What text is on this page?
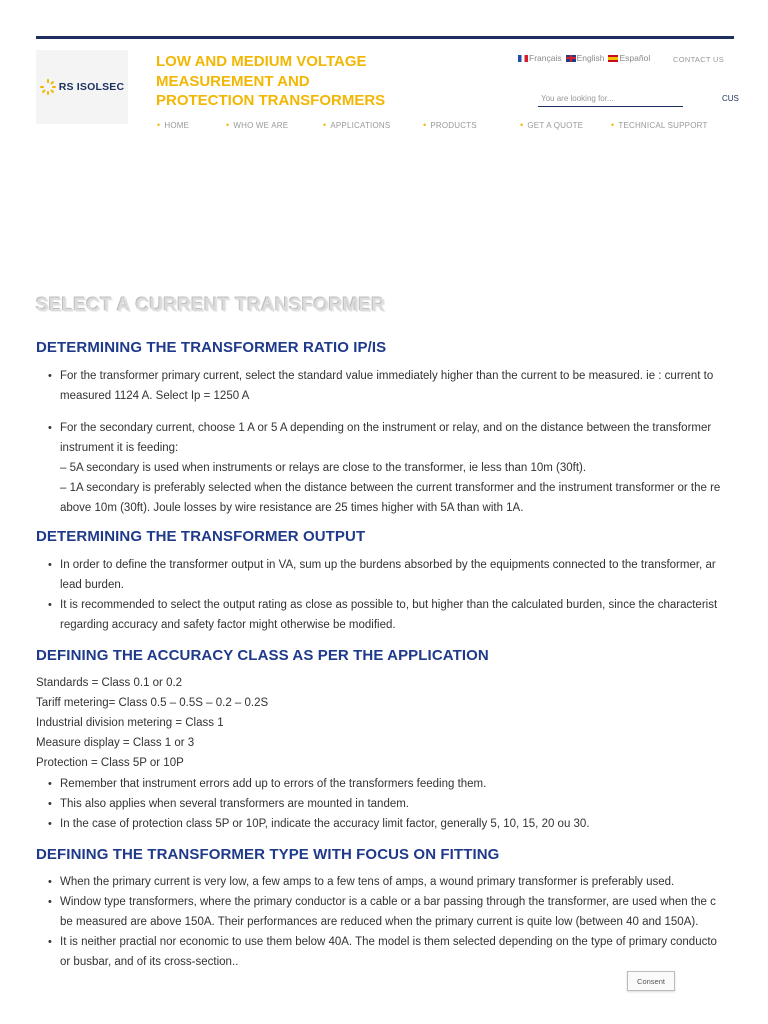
RS ISOLSEC
LOW AND MEDIUM VOLTAGE
MEASUREMENT AND
PROTECTION TRANSFORMERS
Français English Español	CONTACT US
You are looking for...
CUS
• HOME	• WHO WE ARE	• APPLICATIONS	• PRODUCTS	• GET A QUOTE	• TECHNICAL SUPPORT
SELECT A CURRENT TRANSFORMER
DETERMINING THE TRANSFORMER RATIO IP/IS
• For the transformer primary current, select the standard value immediately higher than the current to be measured. ie : current to
measured 1124 A. Select Ip = 1250 A
• For the secondary current, choose 1 A or 5 A depending on the instrument or relay, and on the distance between the transformer
instrument it is feeding:
– 5A secondary is used when instruments or relays are close to the transformer, ie less than 10m (30ft).
– 1A secondary is preferably selected when the distance between the current transformer and the instrument transformer or the re
above 10m (30ft). Joule losses by wire resistance are 25 times higher with 5A than with 1A.
DETERMINING THE TRANSFORMER OUTPUT
• In order to define the transformer output in VA, sum up the burdens absorbed by the equipments connected to the transformer, ar
lead burden.
• It is recommended to select the output rating as close as possible to, but higher than the calculated burden, since the characterist
regarding accuracy and safety factor might otherwise be modified.
DEFINING THE ACCURACY CLASS AS PER THE APPLICATION
Standards = Class 0.1 or 0.2
Tariff metering= Class 0.5 – 0.5S – 0.2 – 0.2S
Industrial division metering = Class 1
Measure display = Class 1 or 3
Protection = Class 5P or 10P
• Remember that instrument errors add up to errors of the transformers feeding them.
• This also applies when several transformers are mounted in tandem.
• In the case of protection class 5P or 10P, indicate the accuracy limit factor, generally 5, 10, 15, 20 ou 30.
DEFINING THE TRANSFORMER TYPE WITH FOCUS ON FITTING
• When the primary current is very low, a few amps to a few tens of amps, a wound primary transformer is preferably used.
• Window type transformers, where the primary conductor is a cable or a bar passing through the transformer, are used when the c
be measured are above 150A. Their performances are reduced when the primary current is quite low (between 40 and 150A).
• It is neither practial nor economic to use them below 40A. The model is them selected depending on the type of primary conducto
or busbar, and of its cross-section..
Consent
